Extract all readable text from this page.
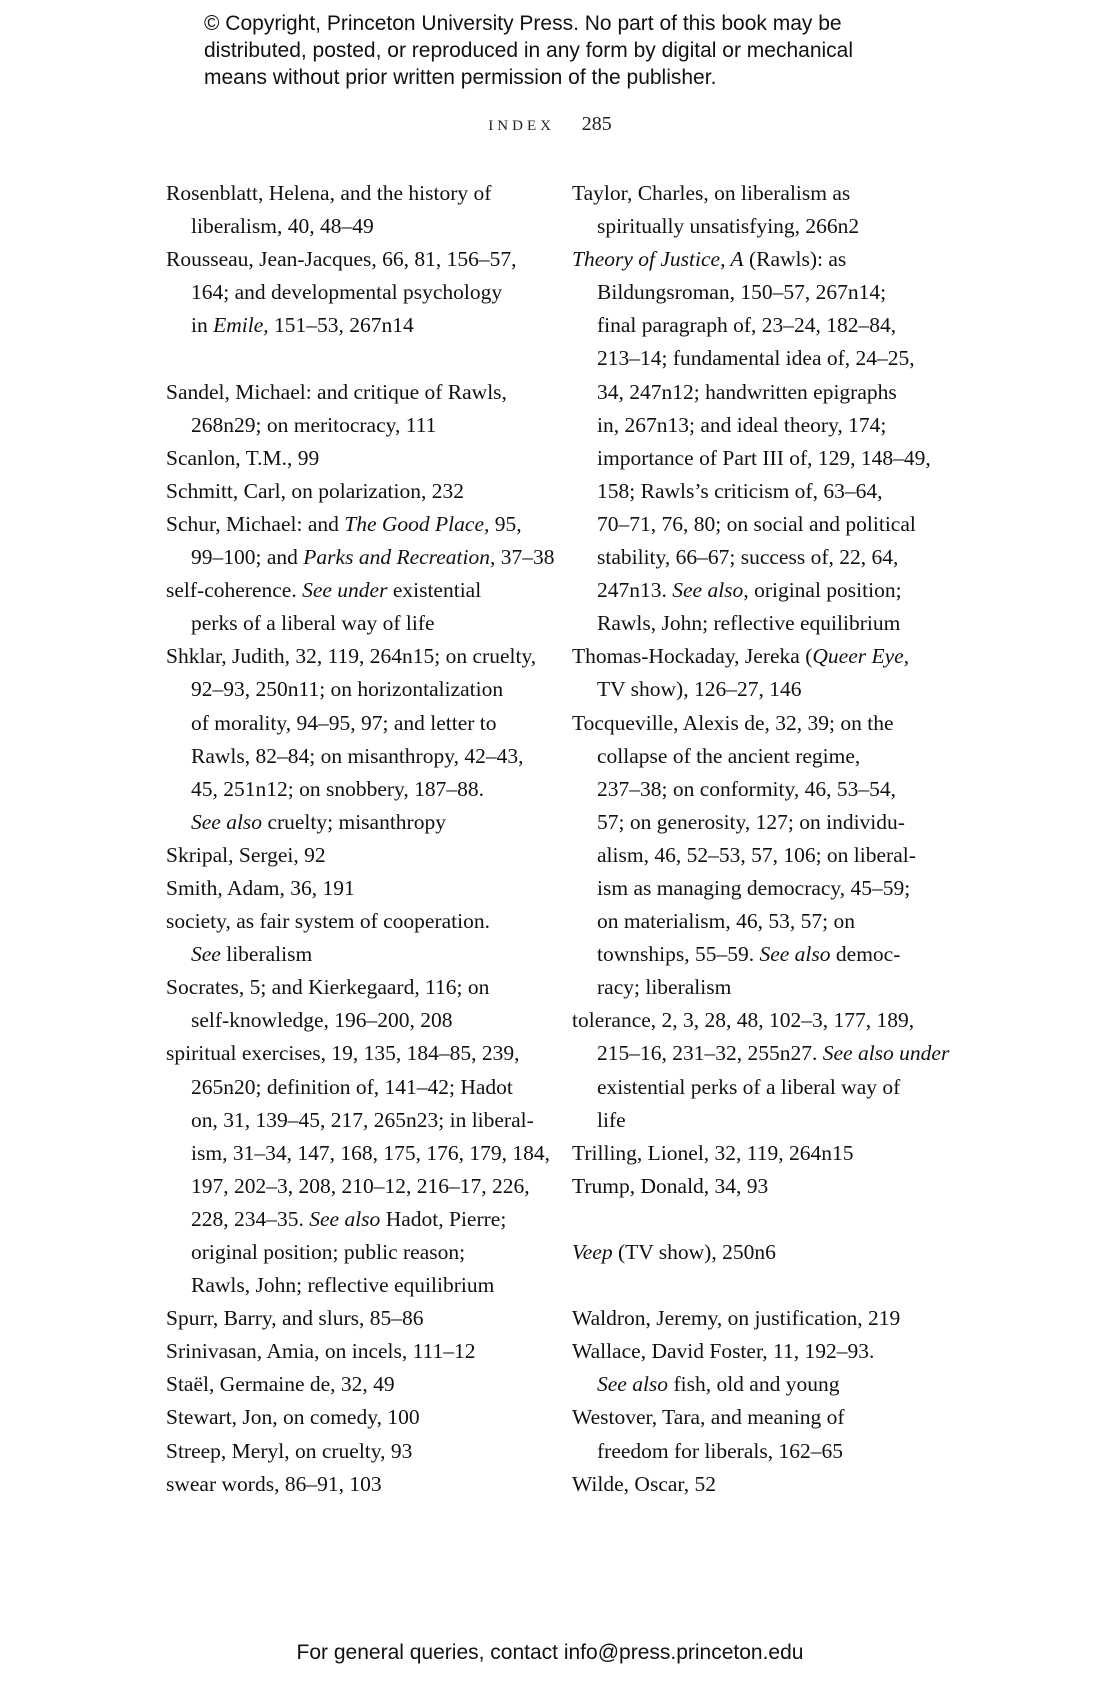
© Copyright, Princeton University Press. No part of this book may be
distributed, posted, or reproduced in any form by digital or mechanical
means without prior written permission of the publisher.
INDEX 285
Rosenblatt, Helena, and the history of
liberalism, 40, 48–49
Rousseau, Jean-Jacques, 66, 81, 156–57,
164; and developmental psychology
in Emile, 151–53, 267n14
Sandel, Michael: and critique of Rawls,
268n29; on meritocracy, 111
Scanlon, T.M., 99
Schmitt, Carl, on polarization, 232
Schur, Michael: and The Good Place, 95,
99–100; and Parks and Recreation, 37–38
self-coherence. See under existential
perks of a liberal way of life
Shklar, Judith, 32, 119, 264n15; on cruelty,
92–93, 250n11; on horizontalization
of morality, 94–95, 97; and letter to
Rawls, 82–84; on misanthropy, 42–43,
45, 251n12; on snobbery, 187–88.
See also cruelty; misanthropy
Skripal, Sergei, 92
Smith, Adam, 36, 191
society, as fair system of cooperation.
See liberalism
Socrates, 5; and Kierkegaard, 116; on
self-knowledge, 196–200, 208
spiritual exercises, 19, 135, 184–85, 239,
265n20; definition of, 141–42; Hadot
on, 31, 139–45, 217, 265n23; in liberal-
ism, 31–34, 147, 168, 175, 176, 179, 184,
197, 202–3, 208, 210–12, 216–17, 226,
228, 234–35. See also Hadot, Pierre;
original position; public reason;
Rawls, John; reflective equilibrium
Spurr, Barry, and slurs, 85–86
Srinivasan, Amia, on incels, 111–12
Staël, Germaine de, 32, 49
Stewart, Jon, on comedy, 100
Streep, Meryl, on cruelty, 93
swear words, 86–91, 103
Taylor, Charles, on liberalism as
spiritually unsatisfying, 266n2
Theory of Justice, A (Rawls): as
Bildungsroman, 150–57, 267n14;
final paragraph of, 23–24, 182–84,
213–14; fundamental idea of, 24–25,
34, 247n12; handwritten epigraphs
in, 267n13; and ideal theory, 174;
importance of Part III of, 129, 148–49,
158; Rawls’s criticism of, 63–64,
70–71, 76, 80; on social and political
stability, 66–67; success of, 22, 64,
247n13. See also, original position;
Rawls, John; reflective equilibrium
Thomas-Hockaday, Jereka (Queer Eye,
TV show), 126–27, 146
Tocqueville, Alexis de, 32, 39; on the
collapse of the ancient regime,
237–38; on conformity, 46, 53–54,
57; on generosity, 127; on individu-
alism, 46, 52–53, 57, 106; on liberal-
ism as managing democracy, 45–59;
on materialism, 46, 53, 57; on
townships, 55–59. See also democ-
racy; liberalism
tolerance, 2, 3, 28, 48, 102–3, 177, 189,
215–16, 231–32, 255n27. See also under
existential perks of a liberal way of
life
Trilling, Lionel, 32, 119, 264n15
Trump, Donald, 34, 93
Veep (TV show), 250n6
Waldron, Jeremy, on justification, 219
Wallace, David Foster, 11, 192–93.
See also fish, old and young
Westover, Tara, and meaning of
freedom for liberals, 162–65
Wilde, Oscar, 52
For general queries, contact info@press.princeton.edu
